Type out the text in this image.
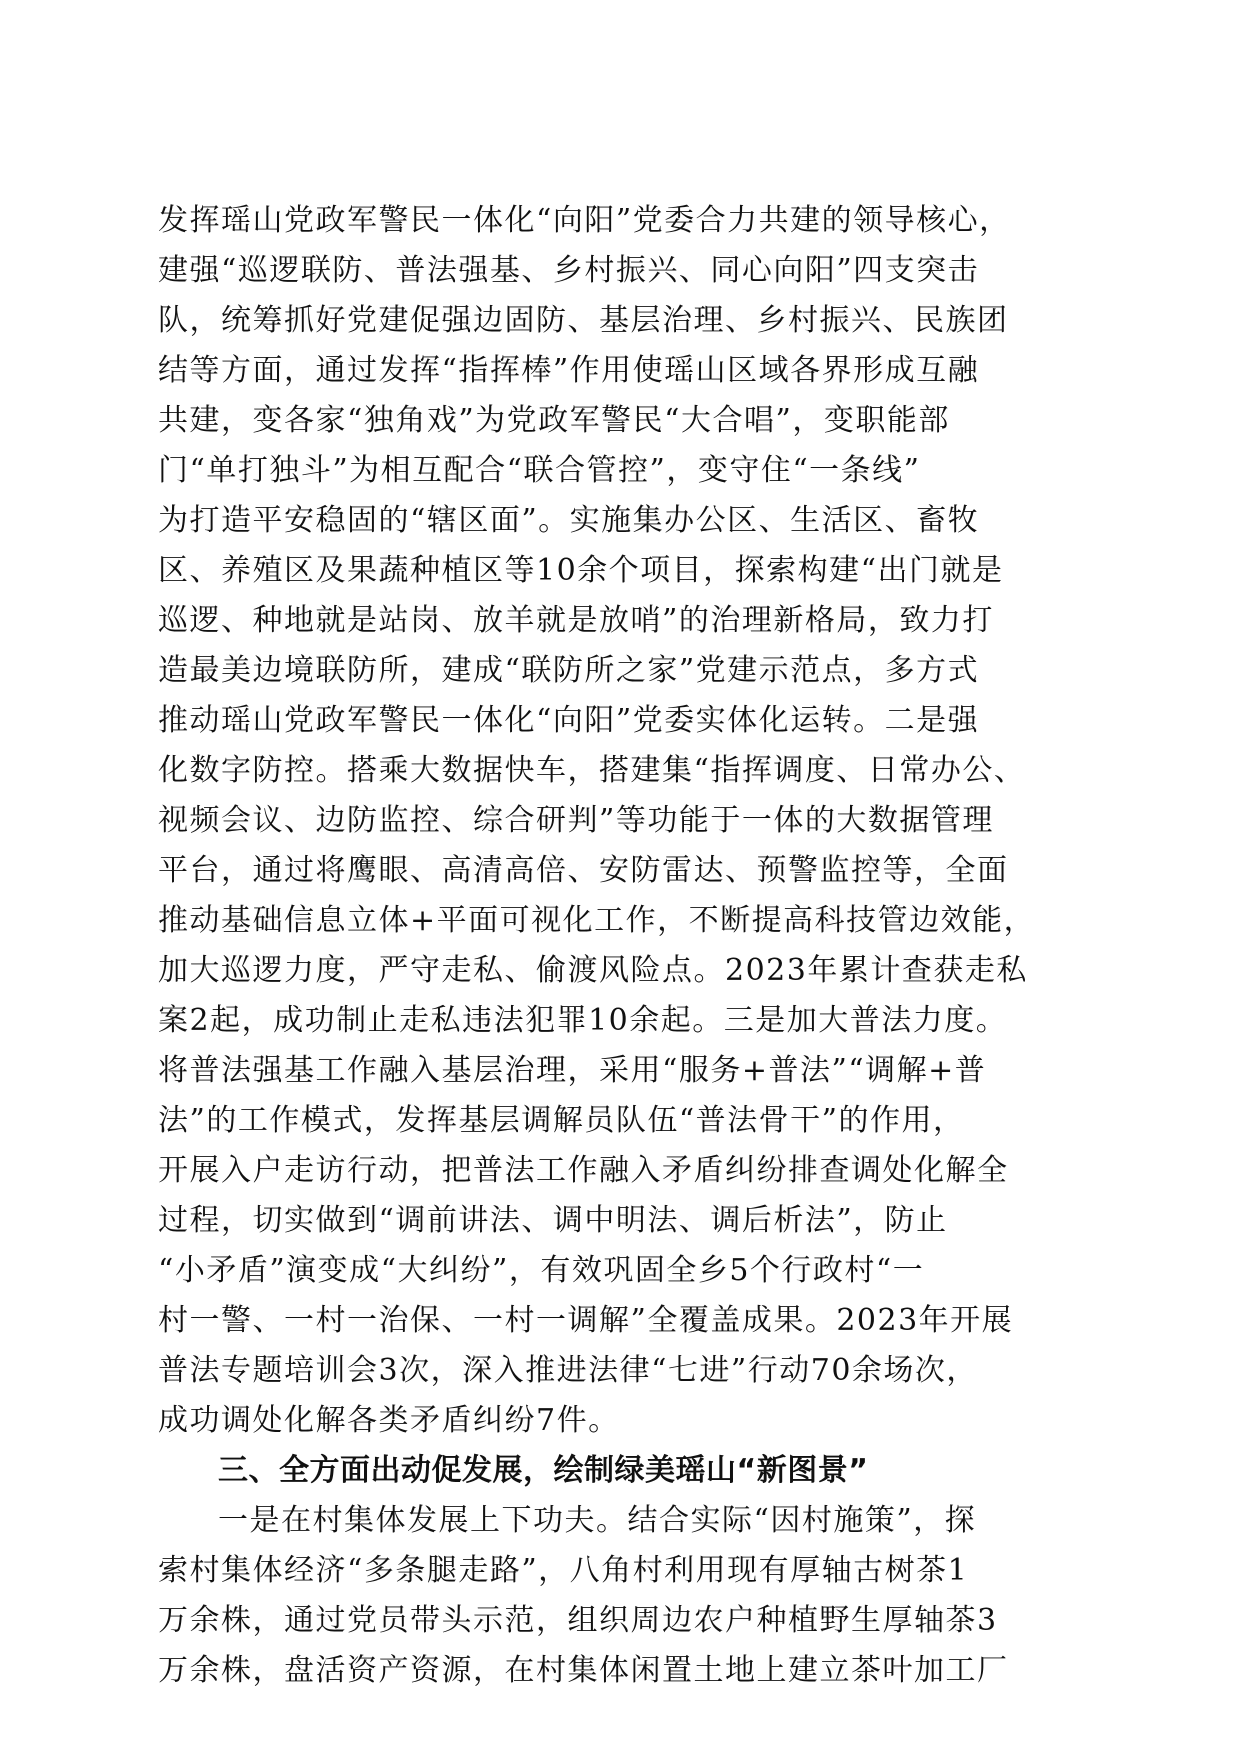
发挥瑶山党政军警民一体化“向阳”党委合力共建的领导核心，
建强“巡逻联防、普法强基、乡村振兴、同心向阳”四支突击
队，统筹抓好党建促强边固防、基层治理、乡村振兴、民族团
结等方面，通过发挥“指挥棒”作用使瑶山区域各界形成互融
共建，变各家“独角戏”为党政军警民“大合唱”，变职能部
门“单打独斗”为相互配合“联合管控”，变守住“一条线”
为打造平安稳固的“辖区面”。实施集办公区、生活区、畜牧
区、养殖区及果蔬种植区等10余个项目，探索构建“出门就是
巡逻、种地就是站岗、放羊就是放哨”的治理新格局，致力打
造最美边境联防所，建成“联防所之家”党建示范点，多方式
推动瑶山党政军警民一体化“向阳”党委实体化运转。二是强
化数字防控。搭乘大数据快车，搭建集“指挥调度、日常办公、
视频会议、边防监控、综合研判”等功能于一体的大数据管理
平台，通过将鹰眼、高清高倍、安防雷达、预警监控等，全面
推动基础信息立体+平面可视化工作，不断提高科技管边效能，
加大巡逻力度，严守走私、偷渡风险点。2023年累计查获走私
案2起，成功制止走私违法犯罪10余起。三是加大普法力度。
将普法强基工作融入基层治理，采用“服务+普法”“调解+普
法”的工作模式，发挥基层调解员队伍“普法骨干”的作用，
开展入户走访行动，把普法工作融入矛盾纠纷排查调处化解全
过程，切实做到“调前讲法、调中明法、调后析法”，防止
“小矛盾”演变成“大纠纷”，有效巩固全乡5个行政村“一
村一警、一村一治保、一村一调解”全覆盖成果。2023年开展
普法专题培训会3次，深入推进法律“七进”行动70余场次，
成功调处化解各类矛盾纠纷7件。
三、全方面出动促发展，绘制绿美瑶山“新图景”
一是在村集体发展上下功夫。结合实际“因村施策”，探
索村集体经济“多条腿走路”，八角村利用现有厚轴古树茶1
万余株，通过党员带头示范，组织周边农户种植野生厚轴茶3
万余株，盘活资产资源，在村集体闲置土地上建立茶叶加工厂
